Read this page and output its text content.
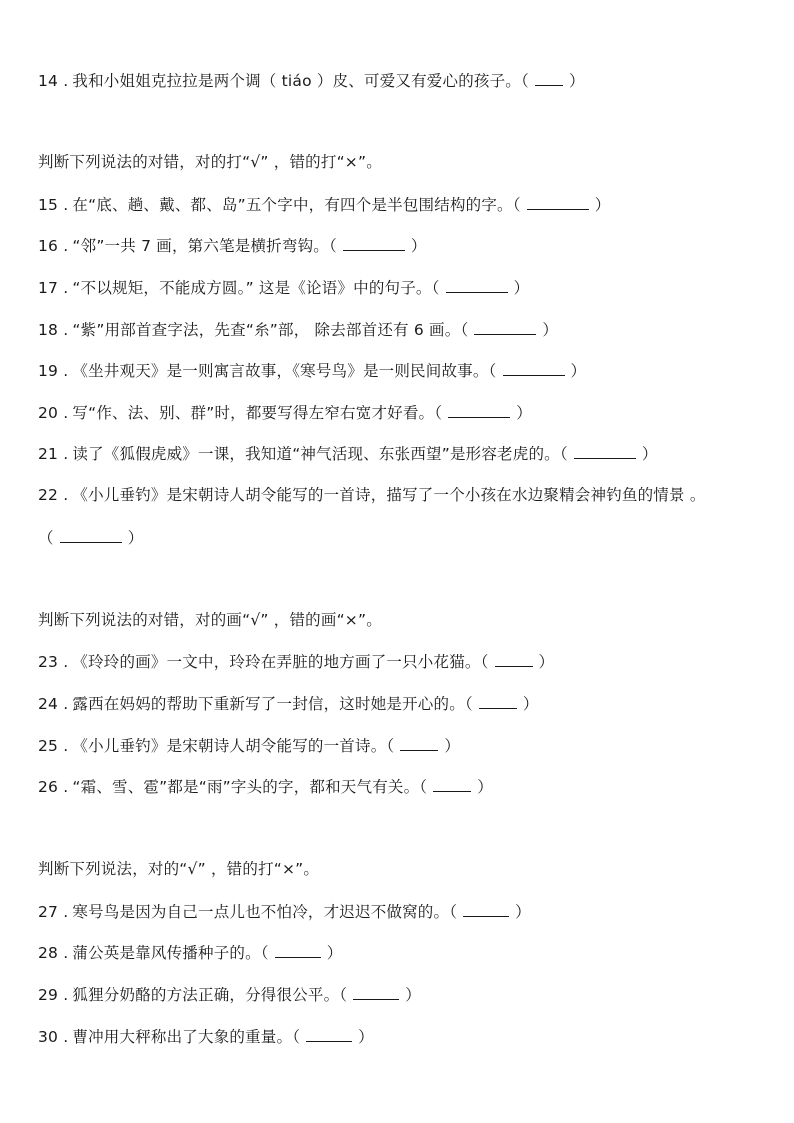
14 . 我和小姐姐克拉拉是两个调（ tiáo ）皮、可爱又有爱心的孩子。（	）
判断下列说法的对错，对的打“√” ，错的打“×”。
15 . 在“底、趟、戴、都、岛”五个字中，有四个是半包围结构的字。（	）
16 . “邻”一共 7 画，第六笔是横折弯钩。（	）
17 . “不以规矩，不能成方圆。” 这是《论语》中的句子。（	）
18 . “紫”用部首查字法，先查“糸”部， 除去部首还有 6 画。（	）
19 . 《坐井观天》是一则寓言故事，《寒号鸟》是一则民间故事。（	）
20 . 写“作、法、别、群”时，都要写得左窄右宽才好看。（	）
21 . 读了《狐假虎威》一课，我知道“神气活现、东张西望”是形容老虎的。（	）
22 . 《小儿垂钓》是宋朝诗人胡令能写的一首诗，描写了一个小孩在水边聚精会神钓鱼的情景 。
（	）
判断下列说法的对错，对的画“√” ，错的画“×”。
23 . 《玲玲的画》一文中，玲玲在弄脏的地方画了一只小花猫。（	）
24 . 露西在妈妈的帮助下重新写了一封信，这时她是开心的。（	）
25 . 《小儿垂钓》是宋朝诗人胡令能写的一首诗。（	）
26 . “霜、雪、雹”都是“雨”字头的字，都和天气有关。（	）
判断下列说法，对的“√” ，错的打“×”。
27 . 寒号鸟是因为自己一点儿也不怕冷，才迟迟不做窝的。（	）
28 . 蒲公英是靠风传播种子的。（	）
29 . 狐狸分奶酪的方法正确，分得很公平。（	）
30 . 曹冲用大秤称出了大象的重量。（	）
